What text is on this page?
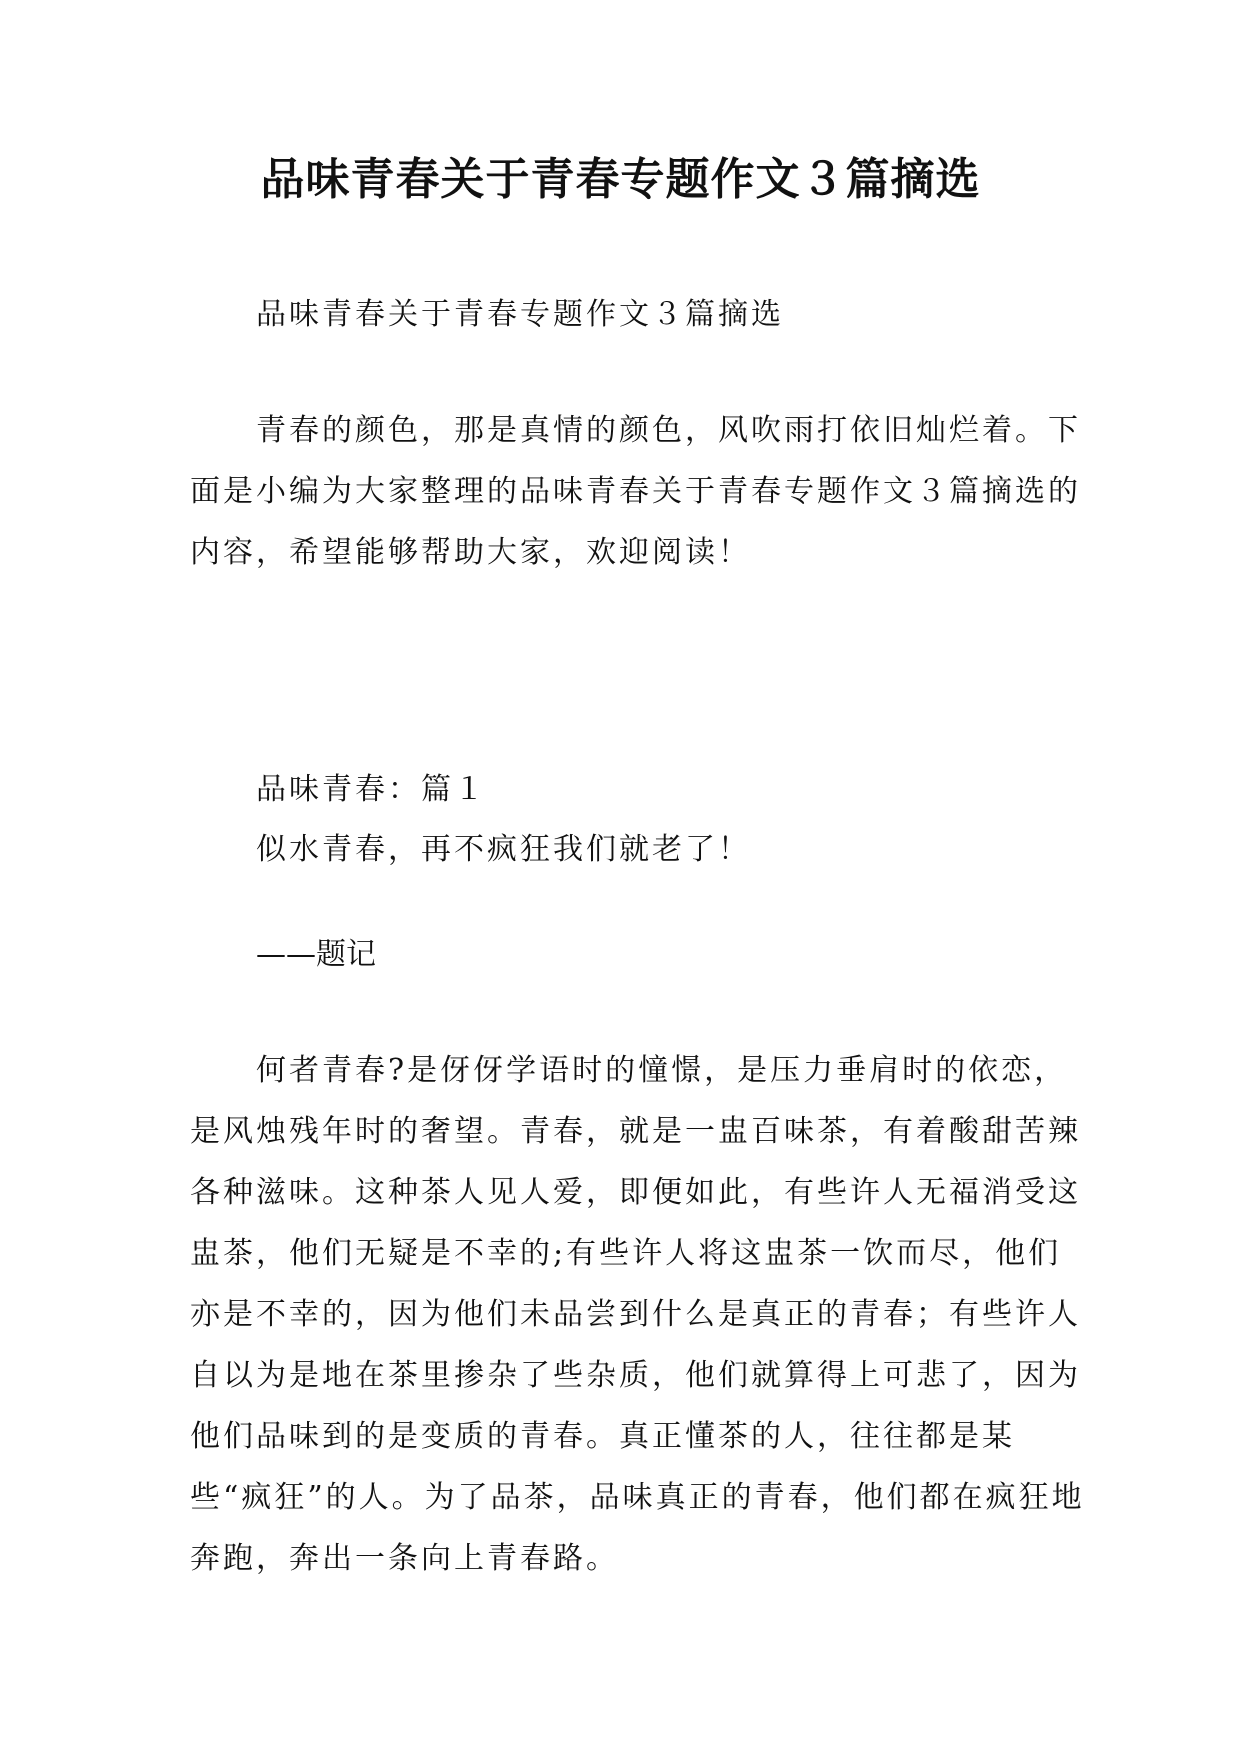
品味青春关于青春专题作文３篇摘选

品味青春关于青春专题作文３篇摘选

青春的颜色，那是真情的颜色，风吹雨打依旧灿烂着。下面是小编为大家整理的品味青春关于青春专题作文３篇摘选的内容，希望能够帮助大家，欢迎阅读！

品味青春：篇１

似水青春，再不疯狂我们就老了！

——题记

何者青春?是伢伢学语时的憧憬，是压力垂肩时的依恋，是风烛残年时的奢望。青春，就是一盅百味茶，有着酸甜苦辣各种滋味。这种茶人见人爱，即便如此，有些许人无福消受这盅茶，他们无疑是不幸的;有些许人将这盅茶一饮而尽，他们亦是不幸的，因为他们未品尝到什么是真正的青春；有些许人自以为是地在茶里掺杂了些杂质，他们就算得上可悲了，因为他们品味到的是变质的青春。真正懂茶的人，往往都是某些“疯狂”的人。为了品茶，品味真正的青春，他们都在疯狂地奔跑，奔出一条向上青春路。
